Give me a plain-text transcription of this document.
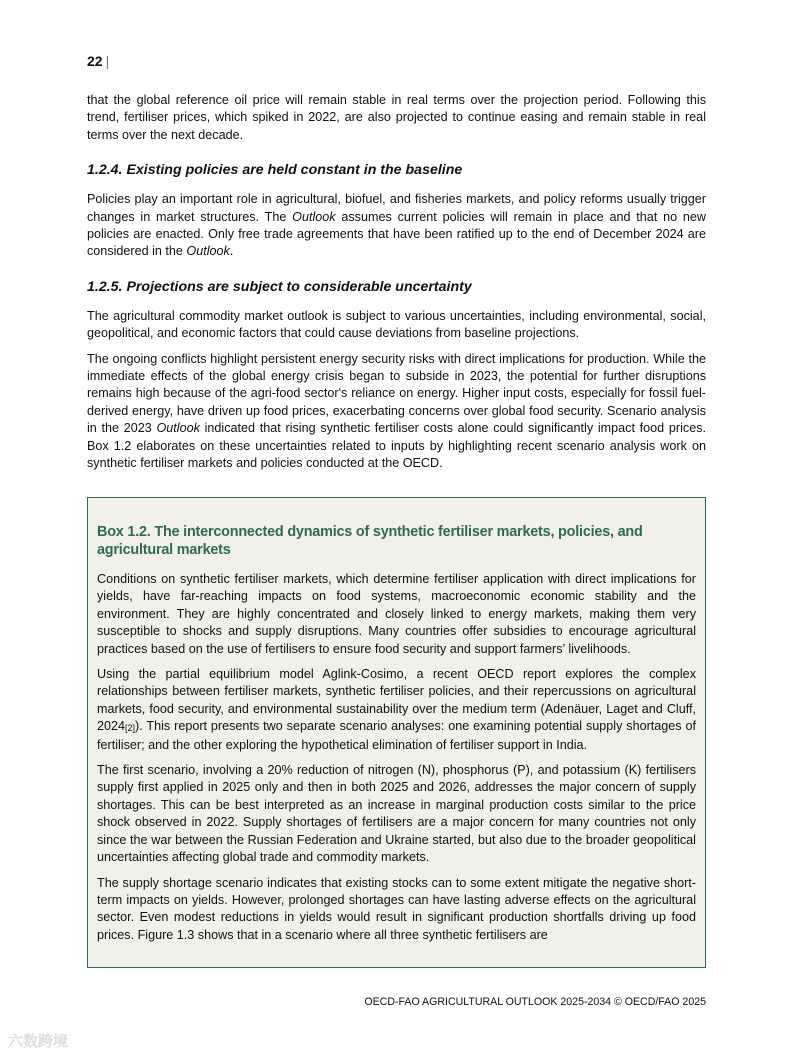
22 |

that the global reference oil price will remain stable in real terms over the projection period. Following this trend, fertiliser prices, which spiked in 2022, are also projected to continue easing and remain stable in real terms over the next decade.

1.2.4. Existing policies are held constant in the baseline

Policies play an important role in agricultural, biofuel, and fisheries markets, and policy reforms usually trigger changes in market structures. The Outlook assumes current policies will remain in place and that no new policies are enacted. Only free trade agreements that have been ratified up to the end of December 2024 are considered in the Outlook.

1.2.5. Projections are subject to considerable uncertainty

The agricultural commodity market outlook is subject to various uncertainties, including environmental, social, geopolitical, and economic factors that could cause deviations from baseline projections.

The ongoing conflicts highlight persistent energy security risks with direct implications for production. While the immediate effects of the global energy crisis began to subside in 2023, the potential for further disruptions remains high because of the agri-food sector's reliance on energy. Higher input costs, especially for fossil fuel-derived energy, have driven up food prices, exacerbating concerns over global food security. Scenario analysis in the 2023 Outlook indicated that rising synthetic fertiliser costs alone could significantly impact food prices. Box 1.2 elaborates on these uncertainties related to inputs by highlighting recent scenario analysis work on synthetic fertiliser markets and policies conducted at the OECD.

Box 1.2. The interconnected dynamics of synthetic fertiliser markets, policies, and agricultural markets

Conditions on synthetic fertiliser markets, which determine fertiliser application with direct implications for yields, have far-reaching impacts on food systems, macroeconomic economic stability and the environment. They are highly concentrated and closely linked to energy markets, making them very susceptible to shocks and supply disruptions. Many countries offer subsidies to encourage agricultural practices based on the use of fertilisers to ensure food security and support farmers’ livelihoods.

Using the partial equilibrium model Aglink-Cosimo, a recent OECD report explores the complex relationships between fertiliser markets, synthetic fertiliser policies, and their repercussions on agricultural markets, food security, and environmental sustainability over the medium term (Adenäuer, Laget and Cluff, $2024_{[2]}$). This report presents two separate scenario analyses: one examining potential supply shortages of fertiliser; and the other exploring the hypothetical elimination of fertiliser support in India.

The first scenario, involving a 20% reduction of nitrogen (N), phosphorus (P), and potassium (K) fertilisers supply first applied in 2025 only and then in both 2025 and 2026, addresses the major concern of supply shortages. This can be best interpreted as an increase in marginal production costs similar to the price shock observed in 2022. Supply shortages of fertilisers are a major concern for many countries not only since the war between the Russian Federation and Ukraine started, but also due to the broader geopolitical uncertainties affecting global trade and commodity markets.

The supply shortage scenario indicates that existing stocks can to some extent mitigate the negative short-term impacts on yields. However, prolonged shortages can have lasting adverse effects on the agricultural sector. Even modest reductions in yields would result in significant production shortfalls driving up food prices. Figure 1.3 shows that in a scenario where all three synthetic fertilisers are

OECD-FAO AGRICULTURAL OUTLOOK 2025-2034 © OECD/FAO 2025
六数跨境
